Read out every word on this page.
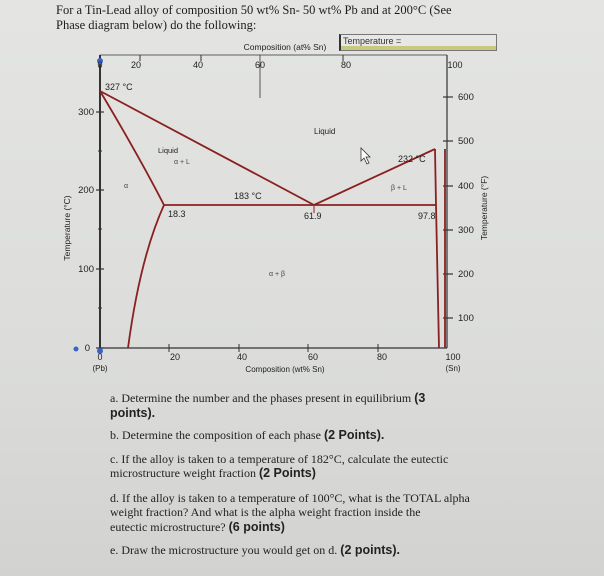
For a Tin-Lead alloy of composition 50 wt% Sn- 50 wt% Pb and at 200°C (See
Phase diagram below) do the following:
Temperature =
0
100
200
300
100
200
300
400
500
600
0	20	40	60	80	100
Composition (at% Sn)
0	20	40	60	80	100
(Pb)	(Sn)
Composition (wt% Sn)
Temperature (°C)	Temperature (°F)
327 °C
232 °C
183 °C
18.3	61.9	97.8
Liquid
Liquid
α + L
β + L
α
α + β
a. Determine the number and the phases present in equilibrium (3
points).
b. Determine the composition of each phase (2 Points).
c. If the alloy is taken to a temperature of 182°C, calculate the eutectic
microstructure weight fraction (2 Points)
d. If the alloy is taken to a temperature of 100°C, what is the TOTAL alpha
weight fraction? And what is the alpha weight fraction inside the
eutectic microstructure? (6 points)
e. Draw the microstructure you would get on d. (2 points).
